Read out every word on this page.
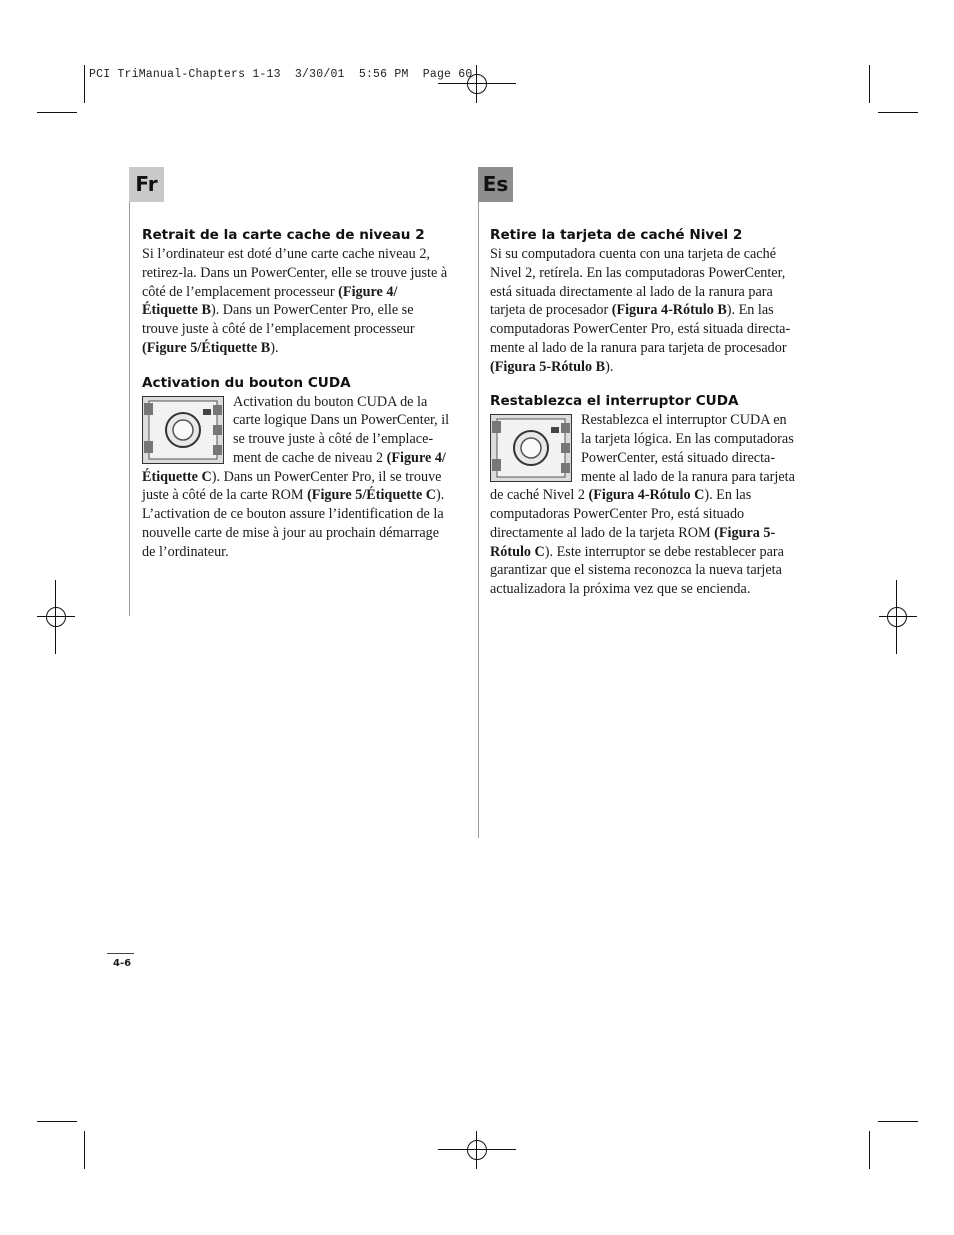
PCI TriManual-Chapters 1-13  3/30/01  5:56 PM  Page 60
Fr	Es
Retrait de la carte cache de niveau 2

Si l’ordinateur est doté d’une carte cache niveau 2, retirez-la. Dans un PowerCenter, elle se trouve juste à côté de l’emplacement processeur (Figure 4/Étiquette B). Dans un PowerCenter Pro, elle se trouve juste à côté de l’emplacement processeur (Figure 5/Étiquette B).

Activation du bouton CUDA

Activation du bouton CUDA de la carte logique Dans un PowerCenter, il se trouve juste à côté de l’emplace-ment de cache de niveau 2 (Figure 4/Étiquette C). Dans un PowerCenter Pro, il se trouve juste à côté de la carte ROM (Figure 5/Étiquette C). L’activation de ce bouton assure l’identification de la nouvelle carte de mise à jour au prochain démarrage de l’ordinateur.

Retire la tarjeta de caché Nivel 2

Si su computadora cuenta con una tarjeta de caché Nivel 2, retírela. En las computadoras PowerCenter, está situada directamente al lado de la ranura para tarjeta de procesador (Figura 4-Rótulo B). En las computadoras PowerCenter Pro, está situada directa-mente al lado de la ranura para tarjeta de procesador (Figura 5-Rótulo B).

Restablezca el interruptor CUDA

Restablezca el interruptor CUDA en la tarjeta lógica. En las computadoras PowerCenter, está situado directa-mente al lado de la ranura para tarjeta de caché Nivel 2 (Figura 4-Rótulo C). En las computadoras PowerCenter Pro, está situado directamente al lado de la tarjeta ROM (Figura 5-Rótulo C). Este interruptor se debe restablecer para garantizar que el sistema reconozca la nueva tarjeta actualizadora la próxima vez que se encienda.

4-6
